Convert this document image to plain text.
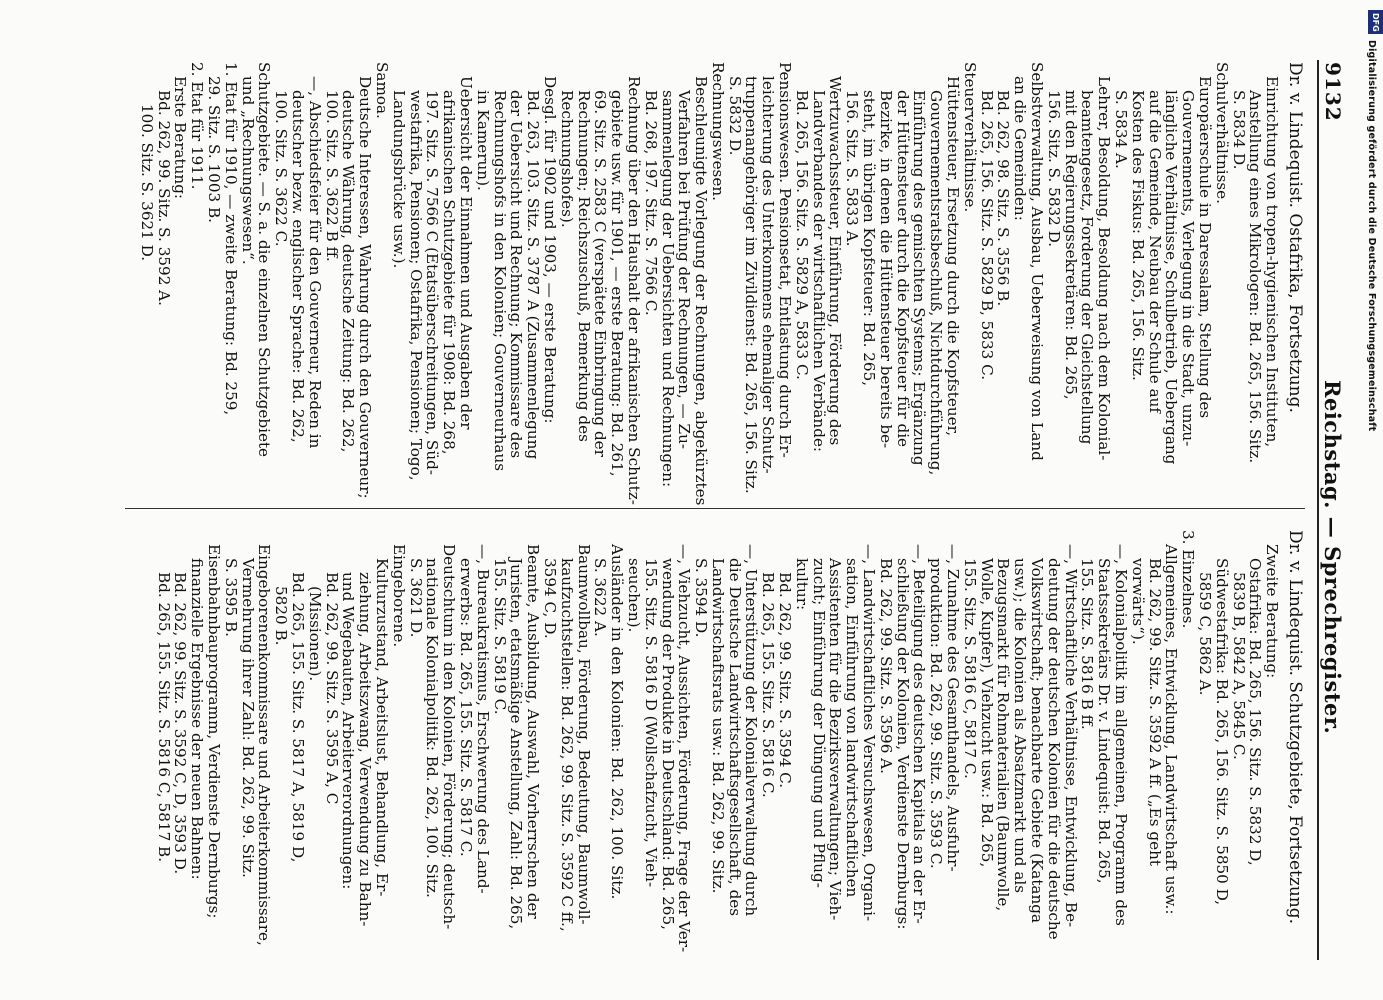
9132
Reichstag. — Sprechregister.
Dr. v. Lindequist. Ostafrika, Fortsetzung.
Einrichtung von tropen-hygienischen Instituten,
Anstellung eines Mikrologen: Bd. 265, 156. Sitz.
S. 5834 D.
Schulverhältnisse.
Europäerschule in Daressalam, Stellung des
Gouvernements, Verlegung in die Stadt, unzu-
längliche Verhältnisse, Schulbetrieb, Uebergang
auf die Gemeinde, Neubau der Schule auf
Kosten des Fiskus: Bd. 265, 156. Sitz.
S. 5834 A.
Lehrer, Besoldung, Besoldung nach dem Kolonial-
beamtengesetz, Forderung der Gleichstellung
mit den Regierungssekretären: Bd. 265,
156. Sitz. S. 5832 D.
Selbstverwaltung, Ausbau, Ueberweisung von Land
an die Gemeinden:
Bd. 262, 98. Sitz. S. 3556 B.
Bd. 265, 156. Sitz. S. 5829 B, 5833 C.
Steuerverhältnisse.
Hüttensteuer, Ersetzung durch die Kopfsteuer,
Gouvernementsratsbeschluß, Nichtdurchführung,
Einführung des gemischten Systems; Ergänzung
der Hüttensteuer durch die Kopfsteuer für die
Bezirke, in denen die Hüttensteuer bereits be-
steht, im übrigen Kopfsteuer: Bd. 265,
156. Sitz. S. 5833 A.
Wertzuwachssteuer, Einführung, Förderung des
Landverbandes der wirtschaftlichen Verbände:
Bd. 265, 156. Sitz. S. 5829 A, 5833 C.
Pensionswesen. Pensionsetat, Entlastung durch Er-
leichterung des Unterkommens ehemaliger Schutz-
truppenangehöriger im Zivildienst: Bd. 265, 156. Sitz.
S. 5832 D.
Rechnungswesen.
Beschleunigte Vorlegung der Rechnungen, abgekürztes
Verfahren bei Prüfung der Rechnungen, — Zu-
sammenlegung der Uebersichten und Rechnungen:
Bd. 268, 197. Sitz. S. 7566 C.
Rechnung über den Haushalt der afrikanischen Schutz-
gebiete usw. für 1901, — erste Beratung: Bd. 261,
69. Sitz. S. 2583 C (verspätete Einbringung der
Rechnungen; Reichszuschuß, Bemerkung des
Rechnungshofes).
Desgl. für 1902 und 1903, — erste Beratung:
Bd. 263, 103. Sitz. S. 3787 A (Zusammenlegung
der Uebersicht und Rechnung; Kommissare des
Rechnungshofs in den Kolonien; Gouverneurhaus
in Kamerun).
Uebersicht der Einnahmen und Ausgaben der
afrikanischen Schutzgebiete für 1908: Bd. 268,
197. Sitz. S. 7566 C (Etatsüberschreitungen, Süd-
westafrika, Pensionen; Ostafrika, Pensionen; Togo,
Landungsbrücke usw.).
Samoa.
Deutsche Interessen, Wahrung durch den Gouverneur;
deutsche Währung, deutsche Zeitung: Bd. 262,
100. Sitz. S. 3622 B ff.
—, Abschiedsfeier für den Gouverneur, Reden in
deutscher bezw. englischer Sprache: Bd. 262,
100. Sitz. S. 3622 C.
Schutzgebiete. — S. a. die einzelnen Schutzgebiete
und „Rechnungswesen“.
1. Etat für 1910, — zweite Beratung: Bd. 259,
29. Sitz. S. 1003 B.
2. Etat für 1911.
Erste Beratung:
Bd. 262, 99. Sitz. S. 3592 A.
100. Sitz. S. 3621 D.
Dr. v. Lindequist. Schutzgebiete, Fortsetzung.
Zweite Beratung:
Ostafrika: Bd. 265, 156. Sitz. S. 5832 D,
5839 B, 5842 A, 5845 C.
Südwestafrika: Bd. 265, 156. Sitz. S. 5850 D,
5859 C, 5862 A.
3. Einzelnes.
Allgemeines, Entwicklung, Landwirtschaft usw.:
Bd. 262, 99. Sitz. S. 3592 A ff. („Es geht
vorwärts“).
—, Kolonialpolitik im allgemeinen, Programm des
Staatssekretärs Dr. v. Lindequist: Bd. 265,
155. Sitz. S. 5816 B ff.
—, Wirtschaftliche Verhältnisse, Entwicklung, Be-
deutung der deutschen Kolonien für die deutsche
Volkswirtschaft; benachbarte Gebiete (Katanga
usw.); die Kolonien als Absatzmarkt und als
Bezugsmarkt für Rohmaterialien (Baumwolle,
Wolle, Kupfer), Viehzucht usw.: Bd. 265,
155. Sitz. S. 5816 C, 5817 C.
—, Zunahme des Gesamthandels, Ausfuhr-
produktion: Bd. 262, 99. Sitz. S. 3593 C.
—, Beteiligung des deutschen Kapitals an der Er-
schließung der Kolonien, Verdienste Dernburgs:
Bd. 262, 99. Sitz. S. 3596 A.
—, Landwirtschaftliches Versuchswesen, Organi-
sation, Einführung von landwirtschaftlichen
Assistenten für die Bezirksverwaltungen; Vieh-
zucht; Einführung der Düngung und Pflug-
kultur:
Bd. 262, 99. Sitz. S. 3594 C.
Bd. 265, 155. Sitz. S. 5816 C.
—, Unterstützung der Kolonialverwaltung durch
die Deutsche Landwirtschaftsgesellschaft, des
Landwirtschaftsrats usw.: Bd. 262, 99. Sitz.
S. 3594 D.
—, Viehzucht, Aussichten, Förderung, Frage der Ver-
wendung der Produkte in Deutschland: Bd. 265,
155. Sitz. S. 5816 D (Wollschafzucht, Vieh-
seuchen).
Ausländer in den Kolonien: Bd. 262, 100. Sitz.
S. 3622 A.
Baumwollbau, Förderung, Bedeutung, Baumwoll-
kaufzuchtstellen: Bd. 262, 99. Sitz. S. 3592 C ff.,
3594 C, D.
Beamte, Ausbildung, Auswahl, Vorherrschen der
Juristen, etatsmäßige Anstellung, Zahl: Bd. 265,
155. Sitz. S. 5819 C.
—, Bureaukratismus, Erschwerung des Land-
erwerbs: Bd. 265, 155. Sitz. S. 5817 C.
Deutschtum in den Kolonien, Förderung; deutsch-
nationale Kolonialpolitik: Bd. 262, 100. Sitz.
S. 3621 D.
Eingeborene.
Kulturzustand, Arbeitslust, Behandlung, Er-
ziehung, Arbeitszwang, Verwendung zu Bahn-
und Wegebauten, Arbeiterverordnungen:
Bd. 262, 99. Sitz. S. 3595 A, C
(Missionen).
Bd. 265, 155. Sitz. S. 5817 A, 5819 D,
5820 B.
Eingeborenenkommissare und Arbeiterkommissare,
Vermehrung ihrer Zahl: Bd. 262, 99. Sitz.
S. 3595 B.
Eisenbahnbauprogramm, Verdienste Dernburgs;
finanzielle Ergebnisse der neuen Bahnen:
Bd. 262, 99. Sitz. S. 3592 C, D, 3593 D.
Bd. 265, 155. Sitz. S. 5816 C, 5817 B.
DFG
Digitalisierung gefördert durch die Deutsche Forschungsgemeinschaft
